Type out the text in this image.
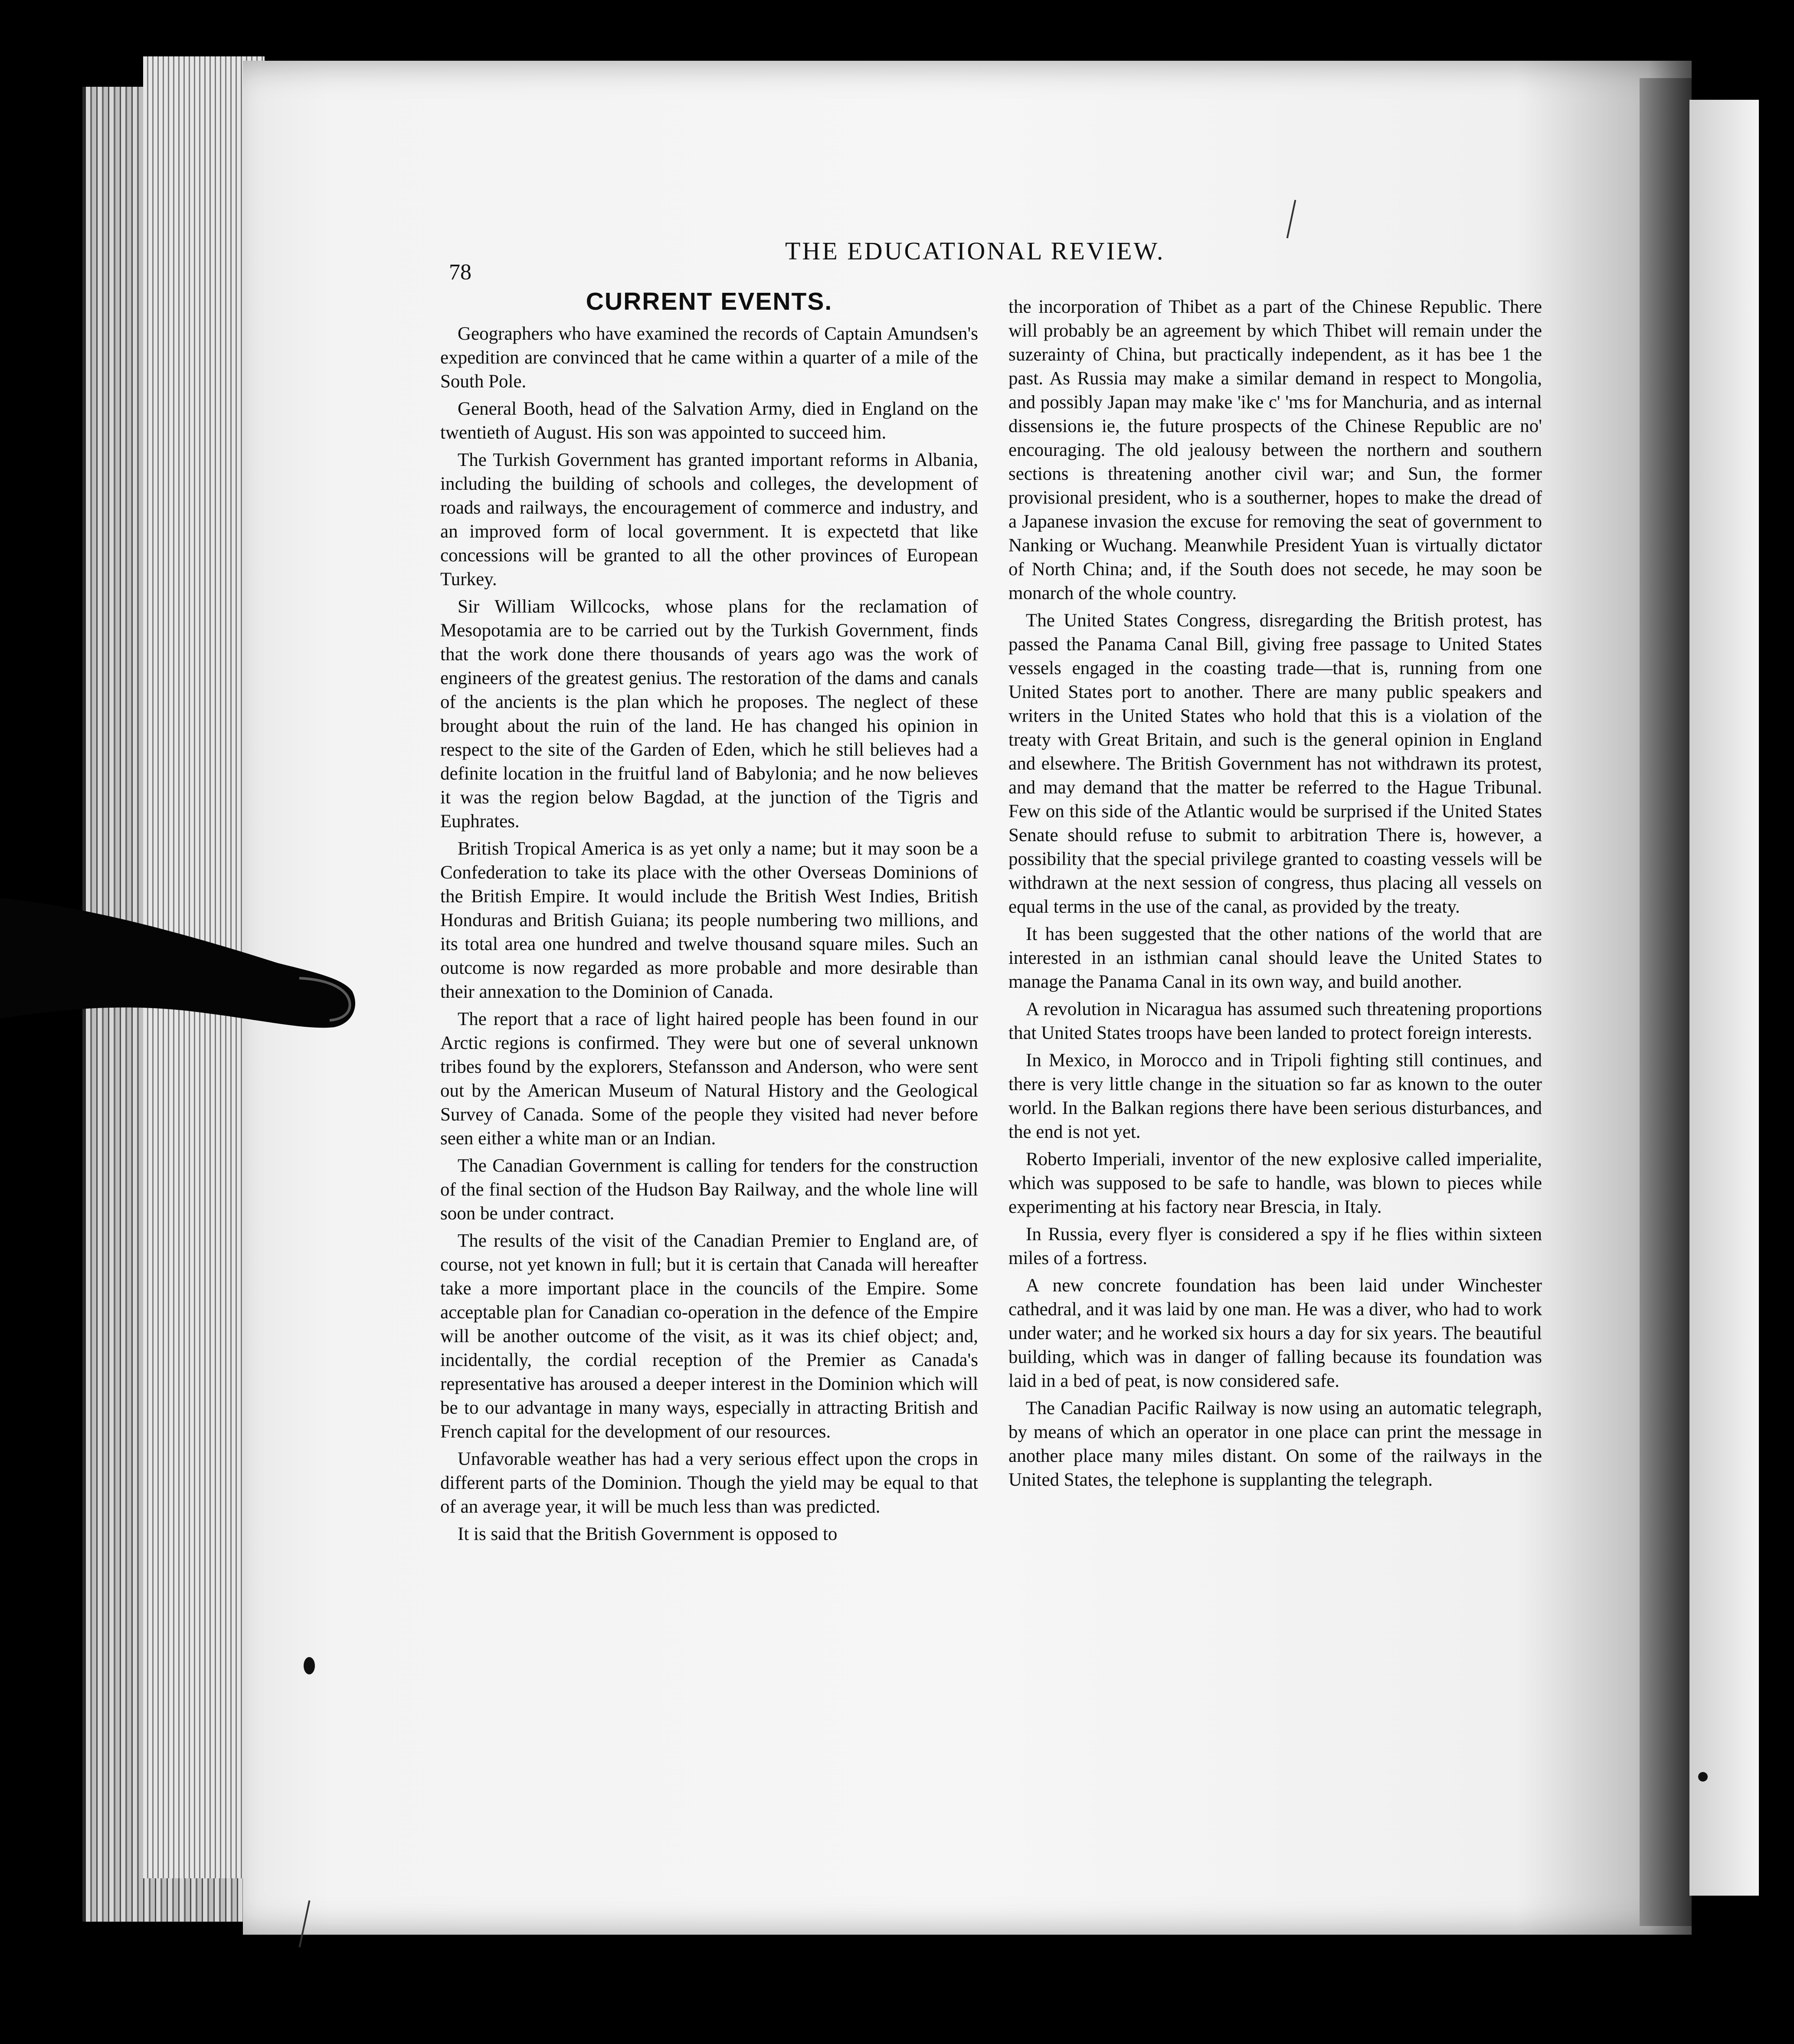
78
THE EDUCATIONAL REVIEW.
CURRENT EVENTS.

Geographers who have examined the records of Captain Amundsen's expedition are convinced that he came within a quarter of a mile of the South Pole.

General Booth, head of the Salvation Army, died in England on the twentieth of August. His son was appointed to succeed him.

The Turkish Government has granted important reforms in Albania, including the building of schools and colleges, the development of roads and railways, the encouragement of commerce and industry, and an improved form of local government. It is expectetd that like concessions will be granted to all the other provinces of European Turkey.

Sir William Willcocks, whose plans for the reclamation of Mesopotamia are to be carried out by the Turkish Government, finds that the work done there thousands of years ago was the work of engineers of the greatest genius. The restoration of the dams and canals of the ancients is the plan which he proposes. The neglect of these brought about the ruin of the land. He has changed his opinion in respect to the site of the Garden of Eden, which he still believes had a definite location in the fruitful land of Babylonia; and he now believes it was the region below Bagdad, at the junction of the Tigris and Euphrates.

British Tropical America is as yet only a name; but it may soon be a Confederation to take its place with the other Overseas Dominions of the British Empire. It would include the British West Indies, British Honduras and British Guiana; its people numbering two millions, and its total area one hundred and twelve thousand square miles. Such an outcome is now regarded as more probable and more desirable than their annexation to the Dominion of Canada.

The report that a race of light haired people has been found in our Arctic regions is confirmed. They were but one of several unknown tribes found by the explorers, Stefansson and Anderson, who were sent out by the American Museum of Natural History and the Geological Survey of Canada. Some of the people they visited had never before seen either a white man or an Indian.

The Canadian Government is calling for tenders for the construction of the final section of the Hudson Bay Railway, and the whole line will soon be under contract.

The results of the visit of the Canadian Premier to England are, of course, not yet known in full; but it is certain that Canada will hereafter take a more important place in the councils of the Empire. Some acceptable plan for Canadian co-operation in the defence of the Empire will be another outcome of the visit, as it was its chief object; and, incidentally, the cordial reception of the Premier as Canada's representative has aroused a deeper interest in the Dominion which will be to our advantage in many ways, especially in attracting British and French capital for the development of our resources.

Unfavorable weather has had a very serious effect upon the crops in different parts of the Dominion. Though the yield may be equal to that of an average year, it will be much less than was predicted.

It is said that the British Government is opposed to

the incorporation of Thibet as a part of the Chinese Republic. There will probably be an agreement by which Thibet will remain under the suzerainty of China, but practically independent, as it has bee 1 the past. As Russia may make a similar demand in respect to Mongolia, and possibly Japan may make 'ike c' 'ms for Manchuria, and as internal dissensions ie, the future prospects of the Chinese Republic are no' encouraging. The old jealousy between the northern and southern sections is threatening another civil war; and Sun, the former provisional president, who is a southerner, hopes to make the dread of a Japanese invasion the excuse for removing the seat of government to Nanking or Wuchang. Meanwhile President Yuan is virtually dictator of North China; and, if the South does not secede, he may soon be monarch of the whole country.

The United States Congress, disregarding the British protest, has passed the Panama Canal Bill, giving free passage to United States vessels engaged in the coasting trade—that is, running from one United States port to another. There are many public speakers and writers in the United States who hold that this is a violation of the treaty with Great Britain, and such is the general opinion in England and elsewhere. The British Government has not withdrawn its protest, and may demand that the matter be referred to the Hague Tribunal. Few on this side of the Atlantic would be surprised if the United States Senate should refuse to submit to arbitration There is, however, a possibility that the special privilege granted to coasting vessels will be withdrawn at the next session of congress, thus placing all vessels on equal terms in the use of the canal, as provided by the treaty.

It has been suggested that the other nations of the world that are interested in an isthmian canal should leave the United States to manage the Panama Canal in its own way, and build another.

A revolution in Nicaragua has assumed such threatening proportions that United States troops have been landed to protect foreign interests.

In Mexico, in Morocco and in Tripoli fighting still continues, and there is very little change in the situation so far as known to the outer world. In the Balkan regions there have been serious disturbances, and the end is not yet.

Roberto Imperiali, inventor of the new explosive called imperialite, which was supposed to be safe to handle, was blown to pieces while experimenting at his factory near Brescia, in Italy.

In Russia, every flyer is considered a spy if he flies within sixteen miles of a fortress.

A new concrete foundation has been laid under Winchester cathedral, and it was laid by one man. He was a diver, who had to work under water; and he worked six hours a day for six years. The beautiful building, which was in danger of falling because its foundation was laid in a bed of peat, is now considered safe.

The Canadian Pacific Railway is now using an automatic telegraph, by means of which an operator in one place can print the message in another place many miles distant. On some of the railways in the United States, the telephone is supplanting the telegraph.
